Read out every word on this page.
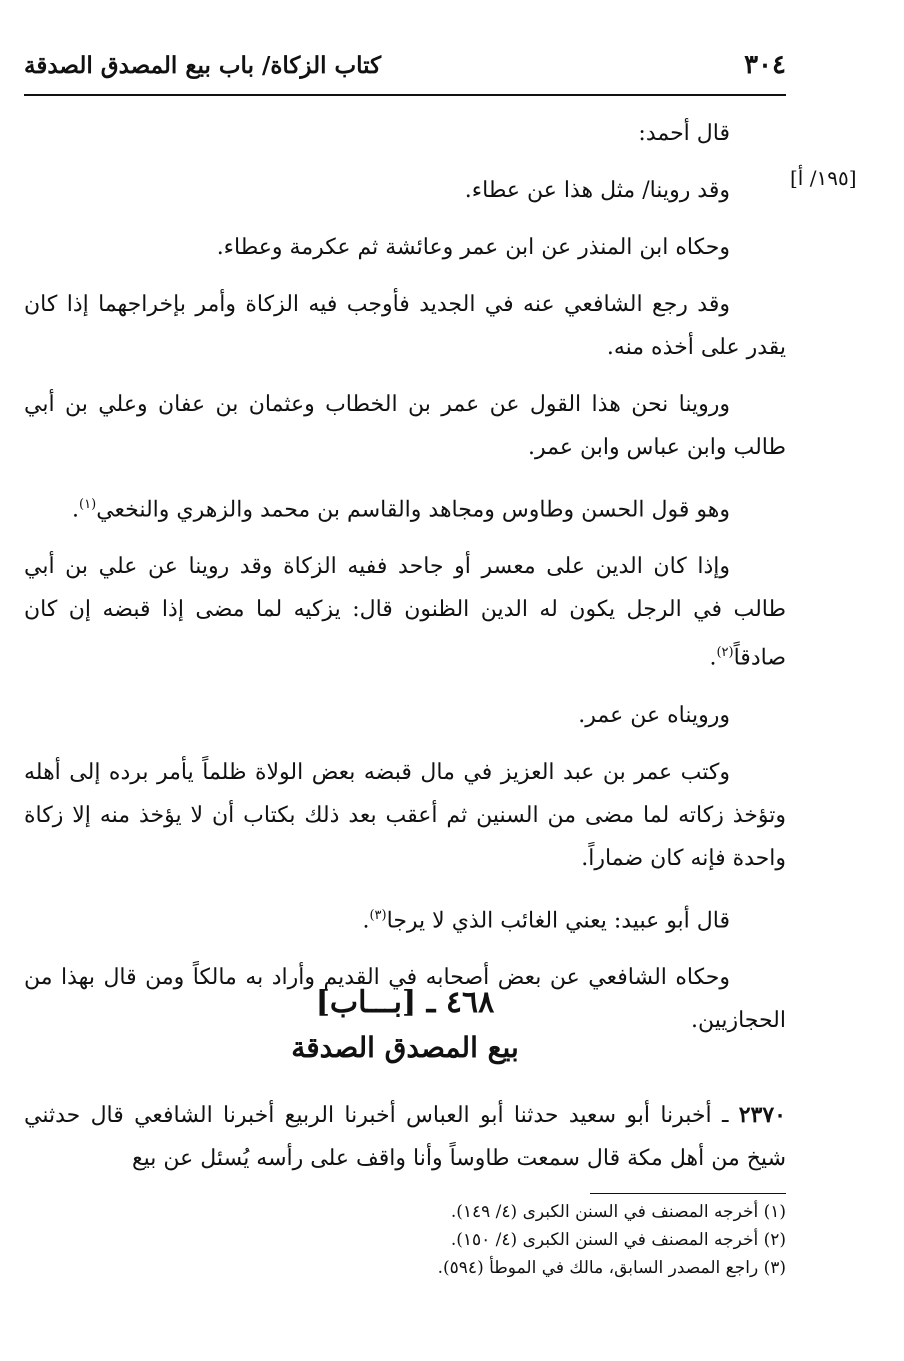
٣٠٤
كتاب الزكاة/ باب بيع المصدق الصدقة
[١٩٥/ أ]

قال أحمد:

وقد روينا/ مثل هذا عن عطاء.

وحكاه ابن المنذر عن ابن عمر وعائشة ثم عكرمة وعطاء.

وقد رجع الشافعي عنه في الجديد فأوجب فيه الزكاة وأمر بإخراجهما إذا كان يقدر على أخذه منه.

وروينا نحن هذا القول عن عمر بن الخطاب وعثمان بن عفان وعلي بن أبي طالب وابن عباس وابن عمر.

وهو قول الحسن وطاوس ومجاهد والقاسم بن محمد والزهري والنخعي$^{(١)}$.

وإذا كان الدين على معسر أو جاحد ففيه الزكاة وقد روينا عن علي بن أبي طالب في الرجل يكون له الدين الظنون قال: يزكيه لما مضى إذا قبضه إن كان صادقاً$^{(٢)}$.

ورويناه عن عمر.

وكتب عمر بن عبد العزيز في مال قبضه بعض الولاة ظلماً يأمر برده إلى أهله وتؤخذ زكاته لما مضى من السنين ثم أعقب بعد ذلك بكتاب أن لا يؤخذ منه إلا زكاة واحدة فإنه كان ضماراً.

قال أبو عبيد: يعني الغائب الذي لا يرجا$^{(٣)}$.

وحكاه الشافعي عن بعض أصحابه في القديم وأراد به مالكاً ومن قال بهذا من الحجازيين.

٤٦٨ ـ [بـــاب]
بيع المصدق الصدقة

٢٣٧٠ ـ أخبرنا أبو سعيد حدثنا أبو العباس أخبرنا الربيع أخبرنا الشافعي قال حدثني شيخ من أهل مكة قال سمعت طاوساً وأنا واقف على رأسه يُسئل عن بيع

(١) أخرجه المصنف في السنن الكبرى (٤/ ١٤٩).

(٢) أخرجه المصنف في السنن الكبرى (٤/ ١٥٠).

(٣) راجع المصدر السابق، مالك في الموطأ (٥٩٤).
